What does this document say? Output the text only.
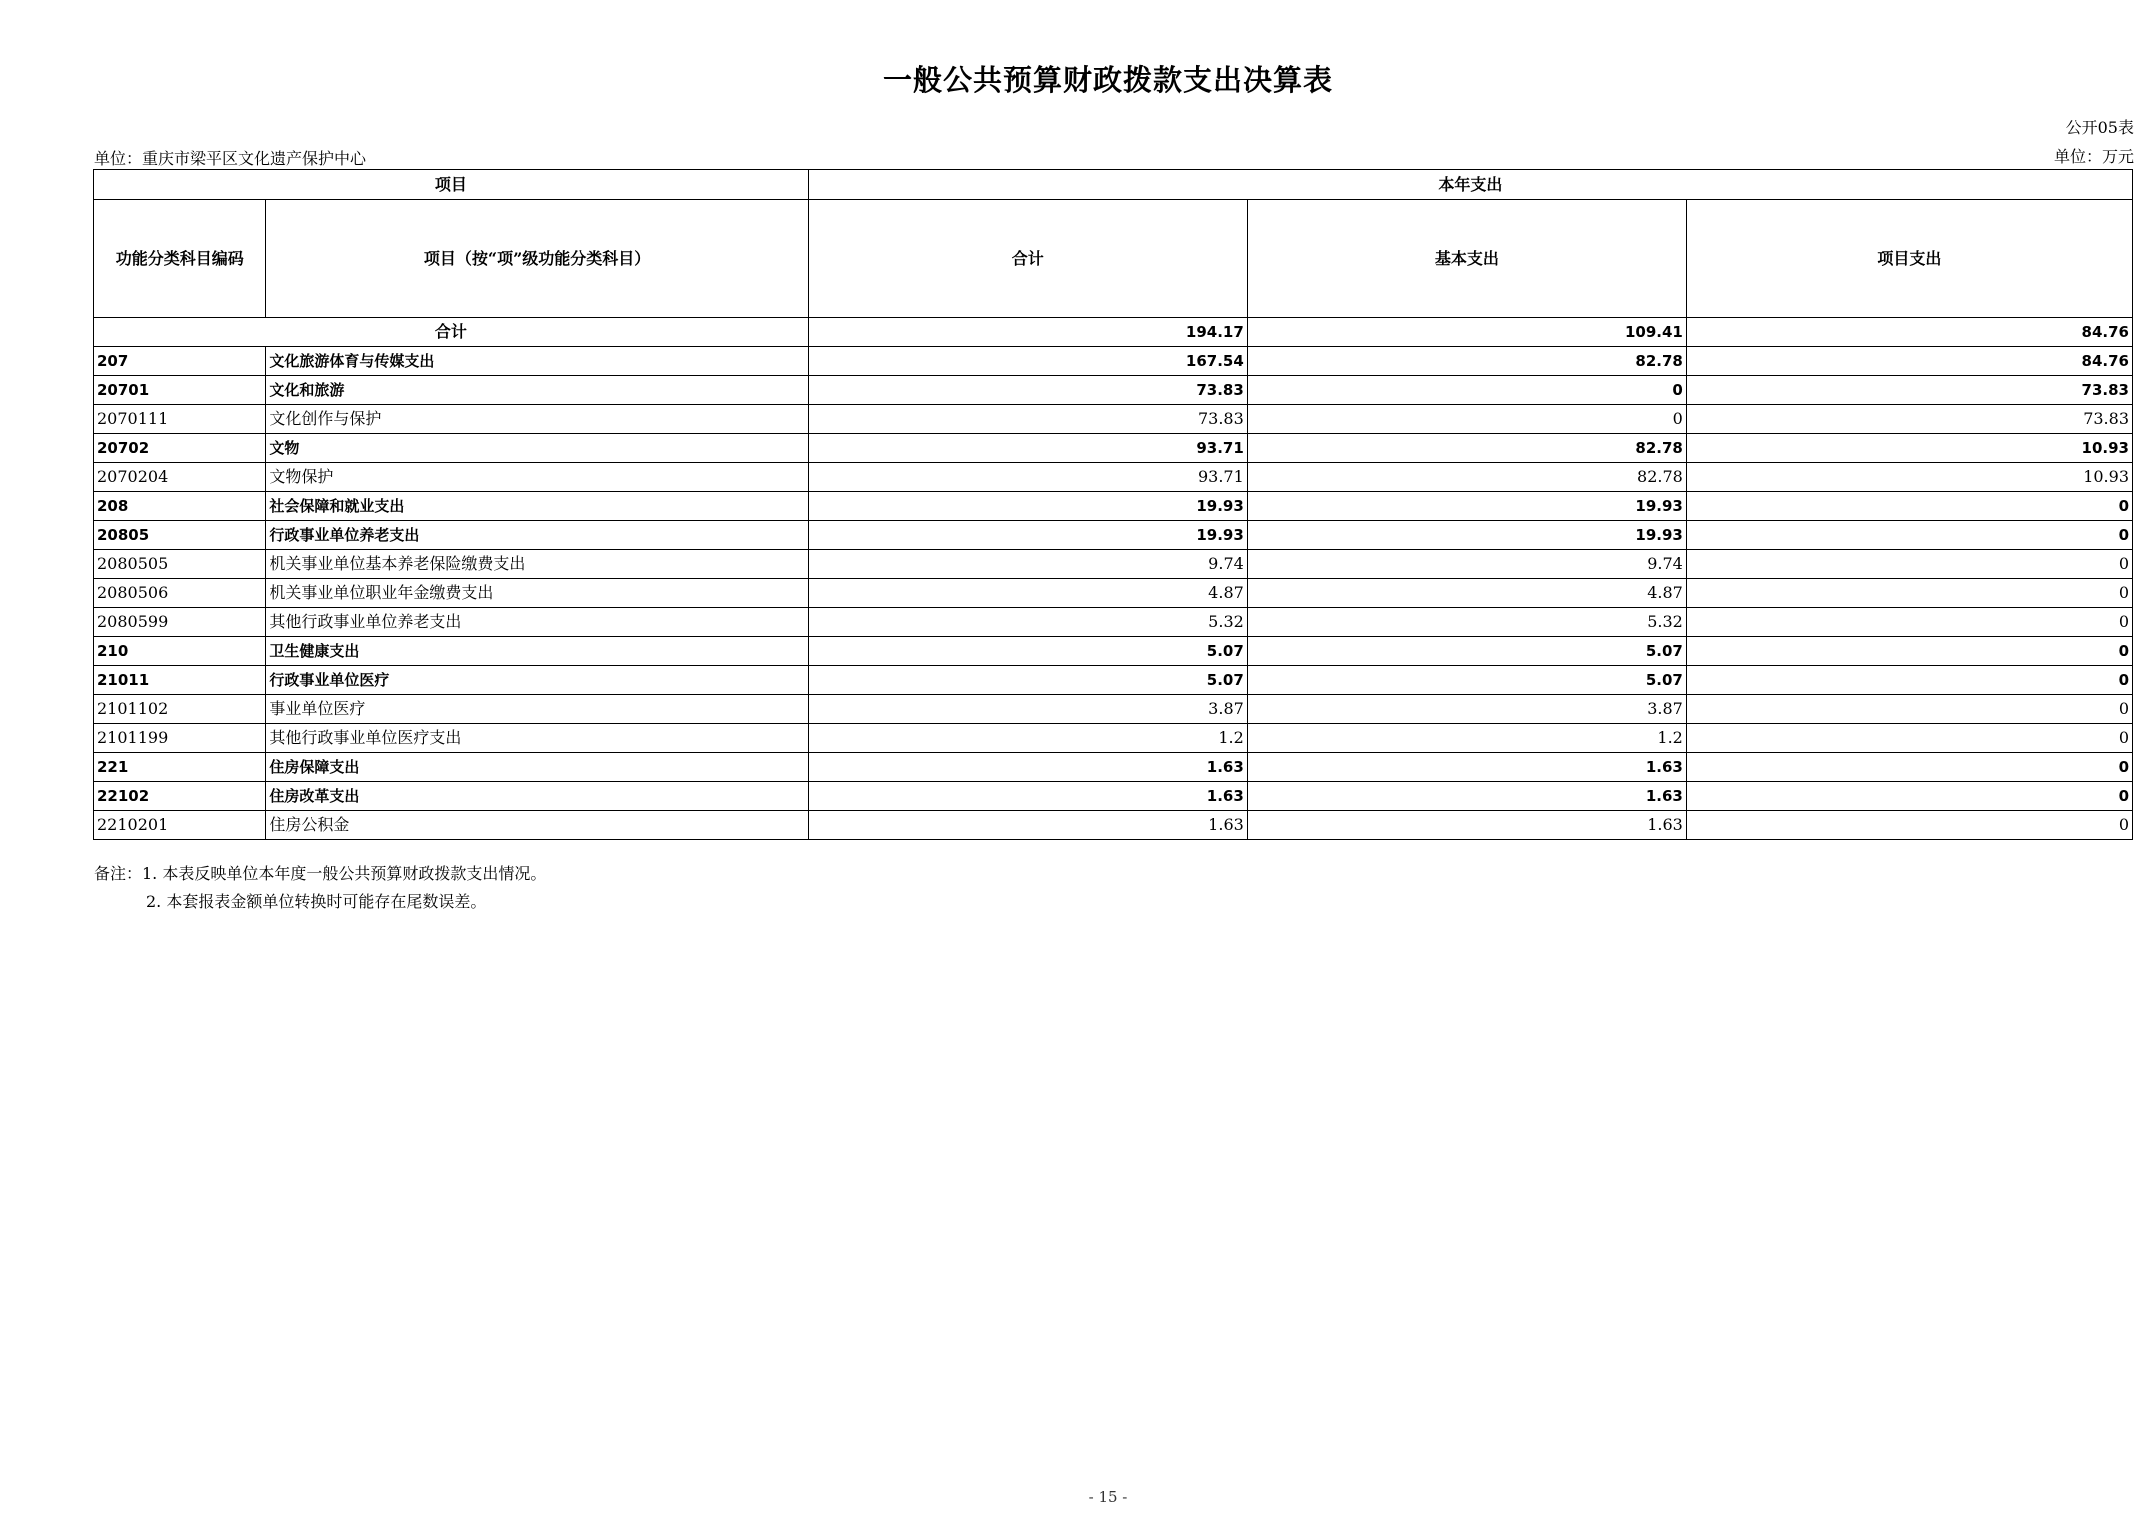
一般公共预算财政拨款支出决算表
公开05表
单位：重庆市梁平区文化遗产保护中心	单位：万元
项目		本年支出		
功能分类科目编码	项目（按“项”级功能分类科目）	合计	基本支出	项目支出
合计		194.17	109.41	84.76
207	文化旅游体育与传媒支出	167.54	82.78	84.76
20701	文化和旅游	73.83	0	73.83
2070111	文化创作与保护	73.83	0	73.83
20702	文物	93.71	82.78	10.93
2070204	文物保护	93.71	82.78	10.93
208	社会保障和就业支出	19.93	19.93	0
20805	行政事业单位养老支出	19.93	19.93	0
2080505	机关事业单位基本养老保险缴费支出	9.74	9.74	0
2080506	机关事业单位职业年金缴费支出	4.87	4.87	0
2080599	其他行政事业单位养老支出	5.32	5.32	0
210	卫生健康支出	5.07	5.07	0
21011	行政事业单位医疗	5.07	5.07	0
2101102	事业单位医疗	3.87	3.87	0
2101199	其他行政事业单位医疗支出	1.2	1.2	0
221	住房保障支出	1.63	1.63	0
22102	住房改革支出	1.63	1.63	0
2210201	住房公积金	1.63	1.63	0
备注：1. 本表反映单位本年度一般公共预算财政拨款支出情况。
2. 本套报表金额单位转换时可能存在尾数误差。
- 15 -
